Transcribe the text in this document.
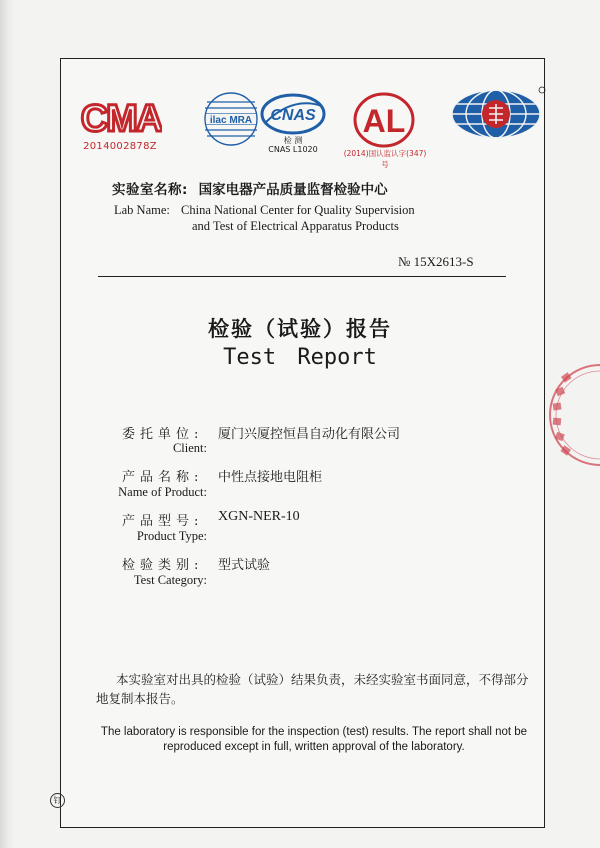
CMA
2014002878Z
ilac MRA CNAS
检 测
CNAS L1020
AL
(2014)国认监认字(347)号
实验室名称: 国家电器产品质量监督检验中心
Lab Name: China National Center for Quality Supervision
and Test of Electrical Apparatus Products
№ 15X2613-S
检验（试验）报告
Test Report
委托单位:	厦门兴厦控恒昌自动化有限公司
Client:
产品名称:	中性点接地电阻柜
Name of Product:
产品型号:	XGN-NER-10
Product Type:
检验类别:	型式试验
Test Category:
本实验室对出具的检验（试验）结果负责，未经实验室书面同意，不得部分地复制本报告。
The laboratory is responsible for the inspection (test) results. The report shall not be reproduced except in full, written approval of the laboratory.
钉
